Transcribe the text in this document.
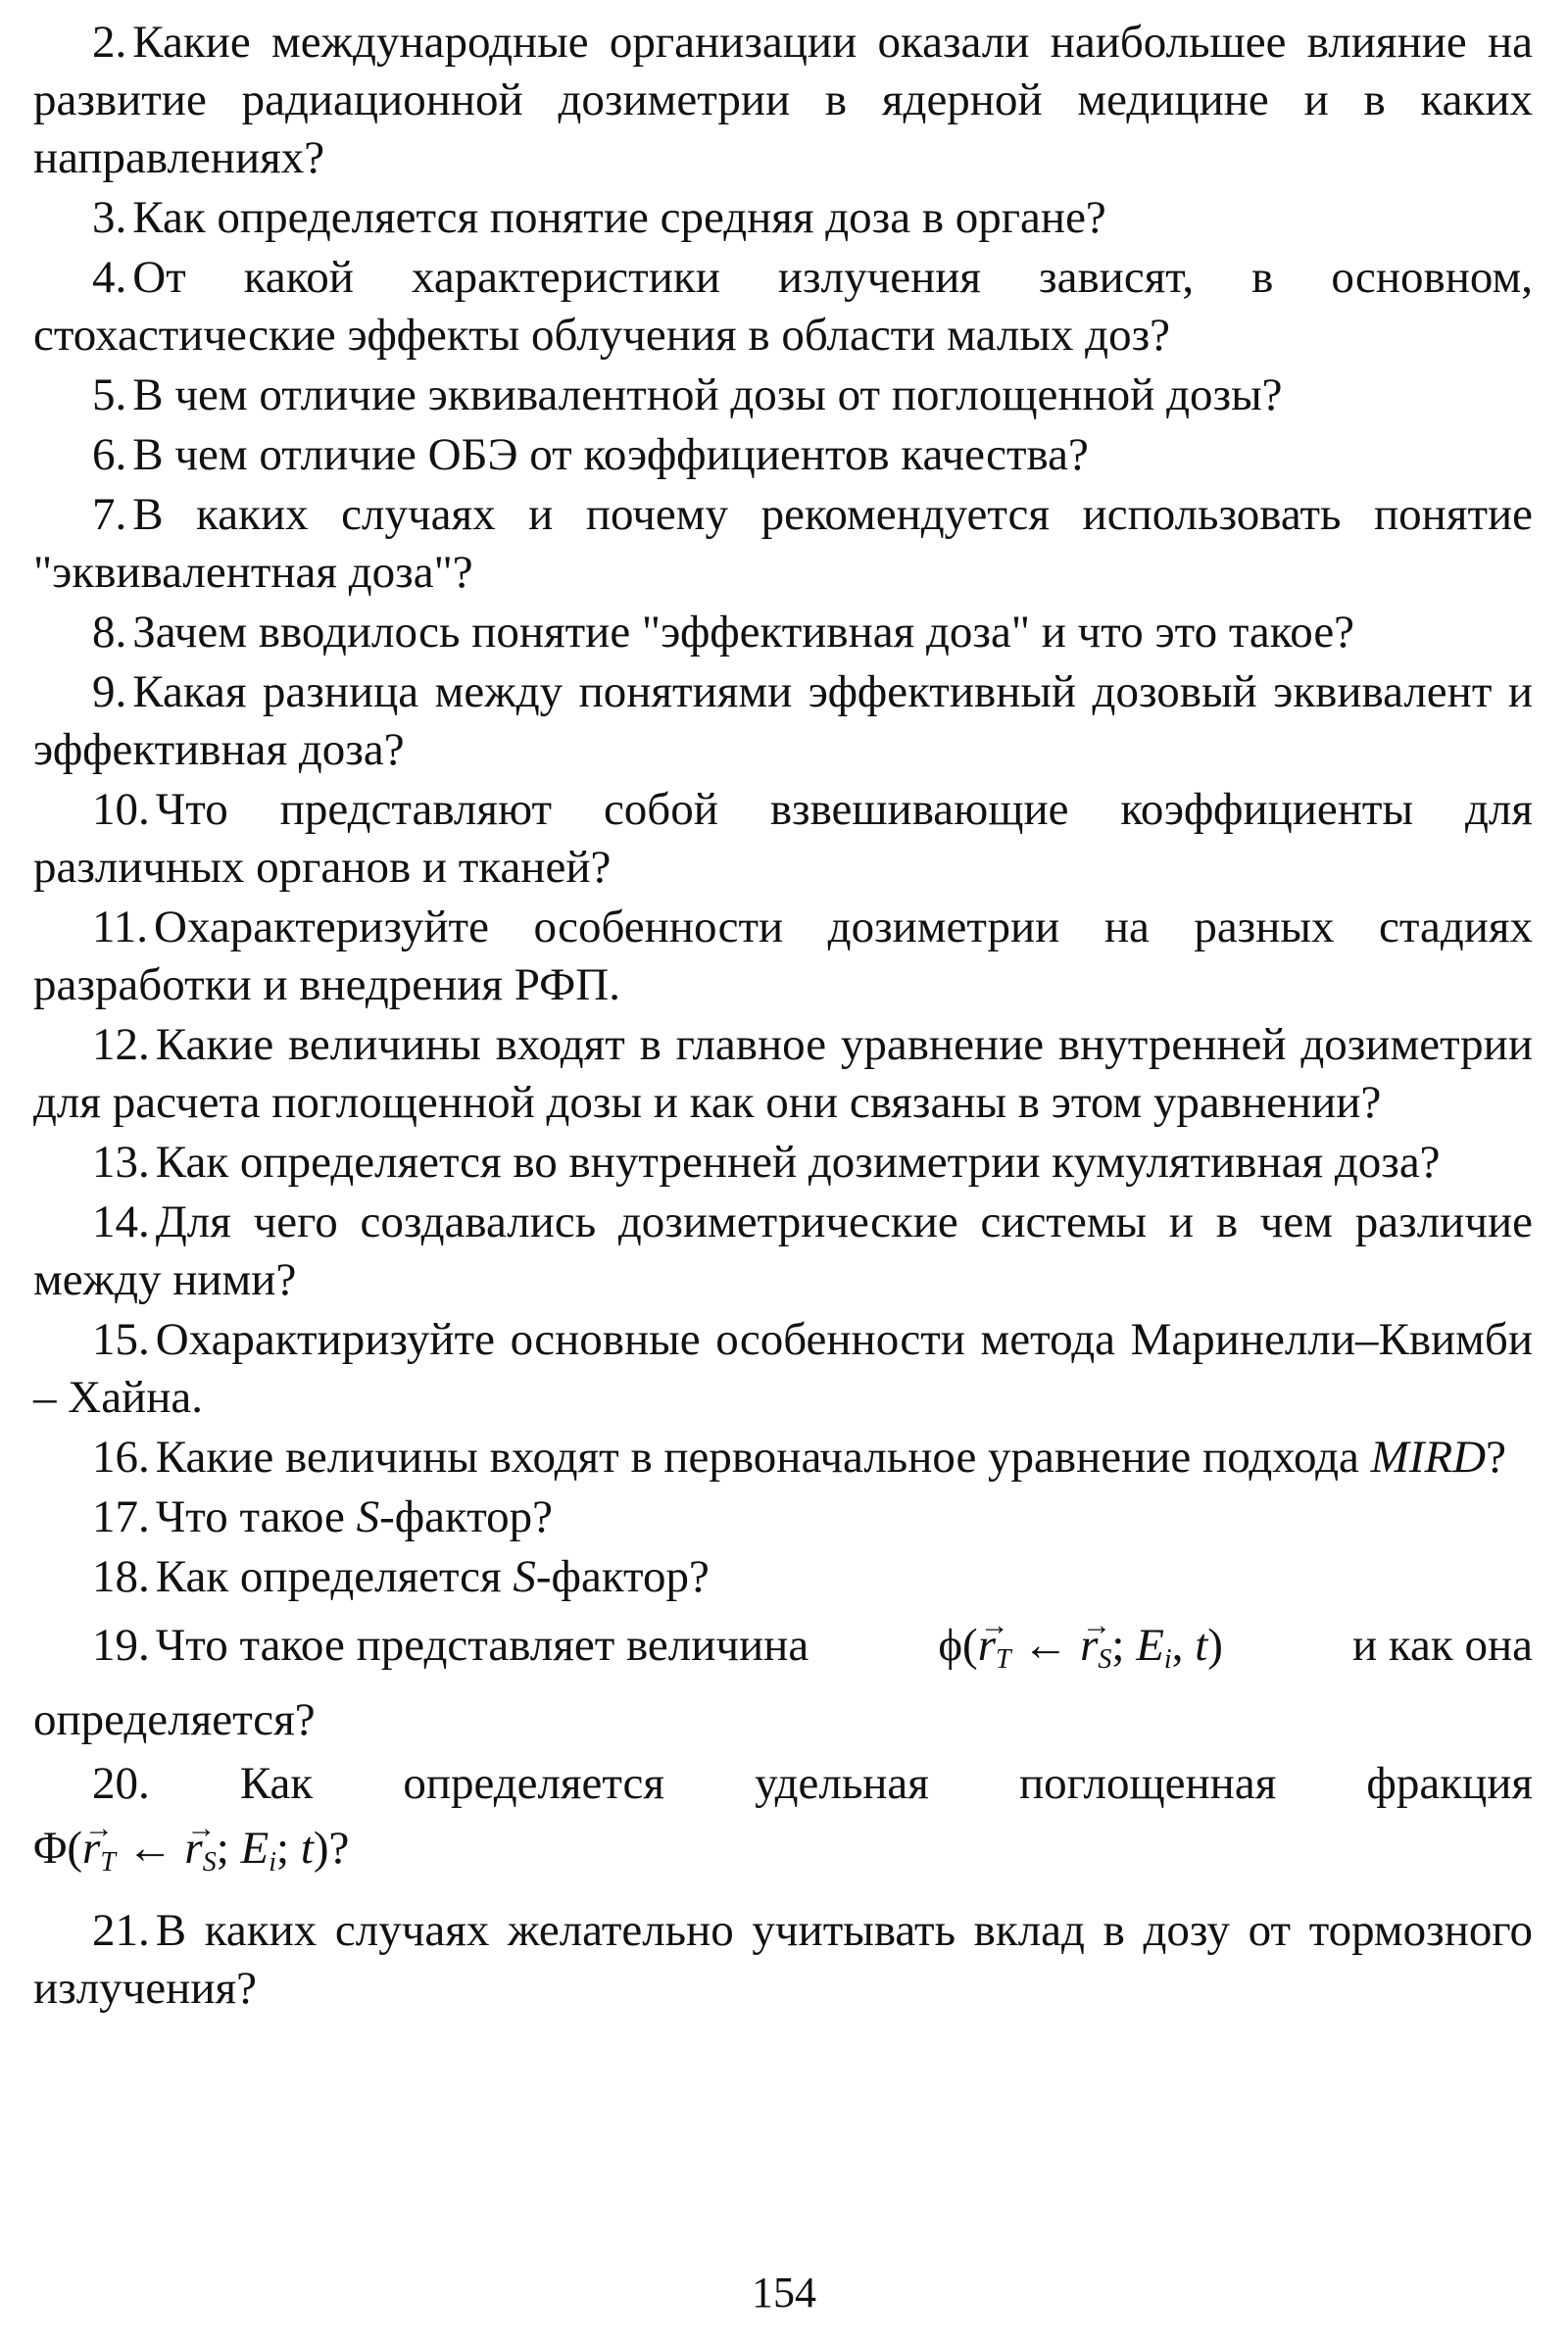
2. Какие международные организации оказали наибольшее влияние на развитие радиационной дозиметрии в ядерной медицине и в каких направлениях?

3. Как определяется понятие средняя доза в органе?

4. От какой характеристики излучения зависят, в основном, стохастические эффекты облучения в области малых доз?

5. В чем отличие эквивалентной дозы от поглощенной дозы?

6. В чем отличие ОБЭ от коэффициентов качества?

7. В каких случаях и почему рекомендуется использовать понятие "эквивалентная доза"?

8. Зачем вводилось понятие "эффективная доза" и что это такое?

9. Какая разница между понятиями эффективный дозовый эквивалент и эффективная доза?

10. Что представляют собой взвешивающие коэффициенты для различных органов и тканей?

11. Охарактеризуйте особенности дозиметрии на разных стадиях разработки и внедрения РФП.

12. Какие величины входят в главное уравнение внутренней дозиметрии для расчета поглощенной дозы и как они связаны в этом уравнении?

13. Как определяется во внутренней дозиметрии кумулятивная доза?

14. Для чего создавались дозиметрические системы и в чем различие между ними?

15. Охарактиризуйте основные особенности метода Маринелли–Квимби – Хайна.

16. Какие величины входят в первоначальное уравнение подхода MIRD?

17. Что такое S-фактор?

18. Как определяется S-фактор?

19. Что такое представляет величина	$\phi(\to r_T$ ← → $r_S$; $E_i$, t)	и как она

определяется?

20. Как определяется удельная поглощенная фракция

$\Phi(\to r_T$ ← → $r_S$; $E_i$; t)?

21. В каких случаях желательно учитывать вклад в дозу от тормозного излучения?

154
